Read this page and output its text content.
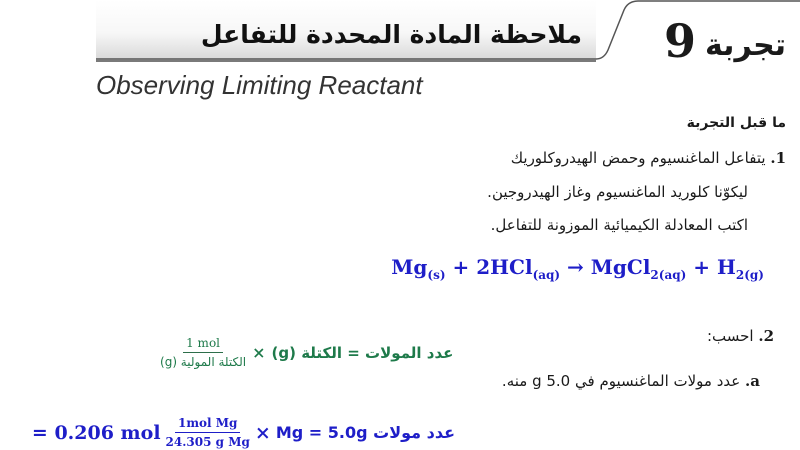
ملاحظة المادة المحددة للتفاعل 9 تجربة
Observing Limiting Reactant
ما قبل التجربة
1. يتفاعل الماغنسيوم وحمض الهيدروكلوريك
ليكوّنا كلوريد الماغنسيوم وغاز الهيدروجين.
اكتب المعادلة الكيميائية الموزونة للتفاعل.
$Mg_{(s)} + 2HCl_{(aq)}$ → MgCl$_{2(aq)}$ + $H_{2(g)}$
2. احسب:
a. عدد مولات الماغنسيوم في 5.0 g منه.
$\frac{\text{1 mol}}{\text{الكتلة المولية (g)}}$ × عدد المولات = الكتلة (g)
= 0.206 mol $\frac{\text{1mol Mg}}{\text{24.305 g Mg}}$ × عدد مولات Mg = 5.0g
